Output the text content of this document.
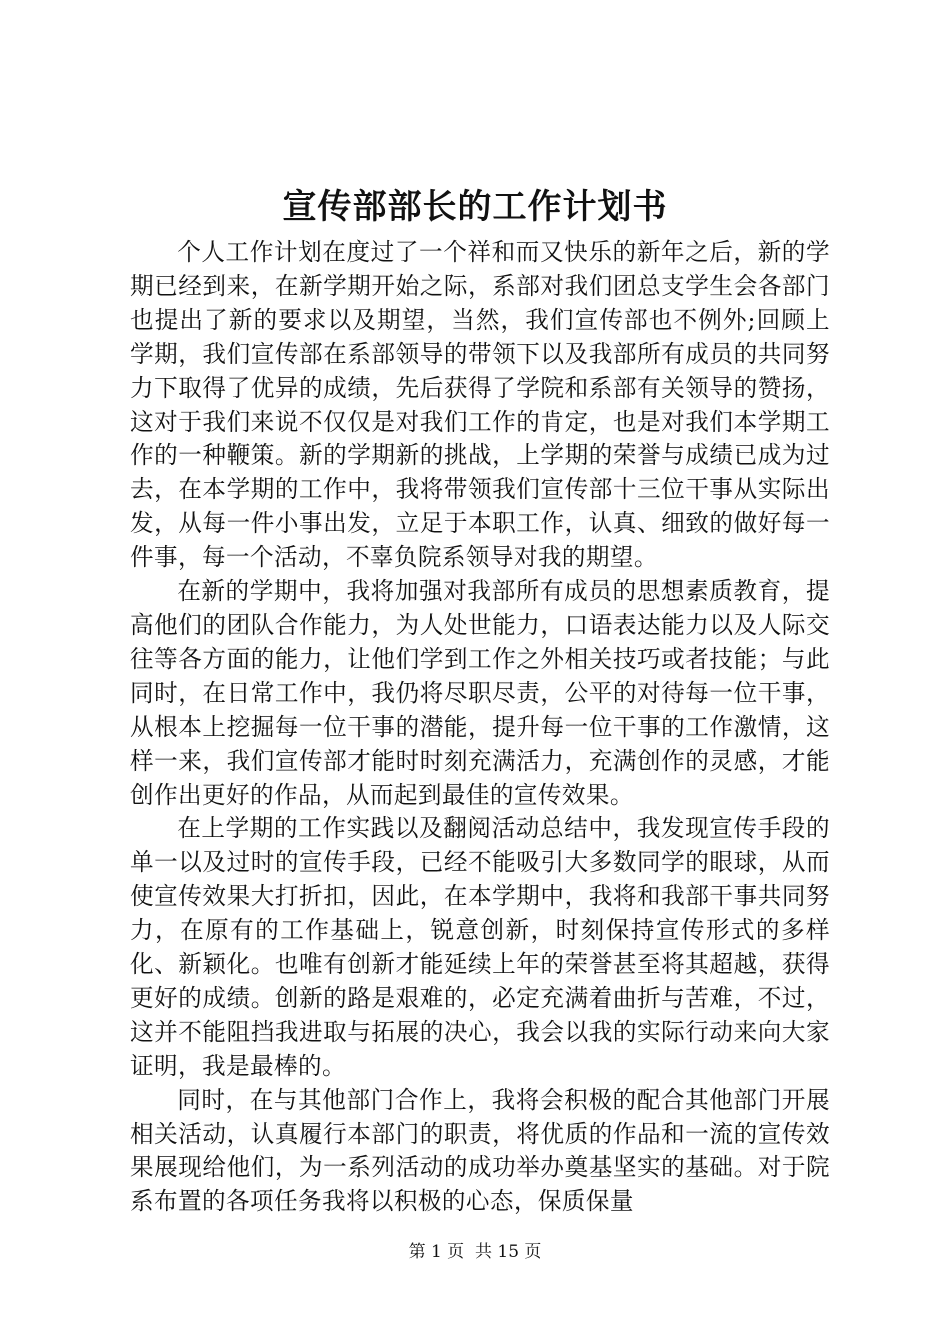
宣传部部长的工作计划书

个人工作计划在度过了一个祥和而又快乐的新年之后，新的学期已经到来，在新学期开始之际，系部对我们团总支学生会各部门也提出了新的要求以及期望，当然，我们宣传部也不例外;回顾上学期，我们宣传部在系部领导的带领下以及我部所有成员的共同努力下取得了优异的成绩，先后获得了学院和系部有关领导的赞扬，这对于我们来说不仅仅是对我们工作的肯定，也是对我们本学期工作的一种鞭策。新的学期新的挑战，上学期的荣誉与成绩已成为过去，在本学期的工作中，我将带领我们宣传部十三位干事从实际出发，从每一件小事出发，立足于本职工作，认真、细致的做好每一件事，每一个活动，不辜负院系领导对我的期望。

在新的学期中，我将加强对我部所有成员的思想素质教育，提高他们的团队合作能力，为人处世能力，口语表达能力以及人际交往等各方面的能力，让他们学到工作之外相关技巧或者技能；与此同时，在日常工作中，我仍将尽职尽责，公平的对待每一位干事，从根本上挖掘每一位干事的潜能，提升每一位干事的工作激情，这样一来，我们宣传部才能时时刻充满活力，充满创作的灵感，才能创作出更好的作品，从而起到最佳的宣传效果。

在上学期的工作实践以及翻阅活动总结中，我发现宣传手段的单一以及过时的宣传手段，已经不能吸引大多数同学的眼球，从而使宣传效果大打折扣，因此，在本学期中，我将和我部干事共同努力，在原有的工作基础上，锐意创新，时刻保持宣传形式的多样化、新颖化。也唯有创新才能延续上年的荣誉甚至将其超越，获得更好的成绩。创新的路是艰难的，必定充满着曲折与苦难，不过，这并不能阻挡我进取与拓展的决心，我会以我的实际行动来向大家证明，我是最棒的。

同时，在与其他部门合作上，我将会积极的配合其他部门开展相关活动，认真履行本部门的职责，将优质的作品和一流的宣传效果展现给他们，为一系列活动的成功举办奠基坚实的基础。对于院系布置的各项任务我将以积极的心态，保质保量

第 1 页  共 15 页
